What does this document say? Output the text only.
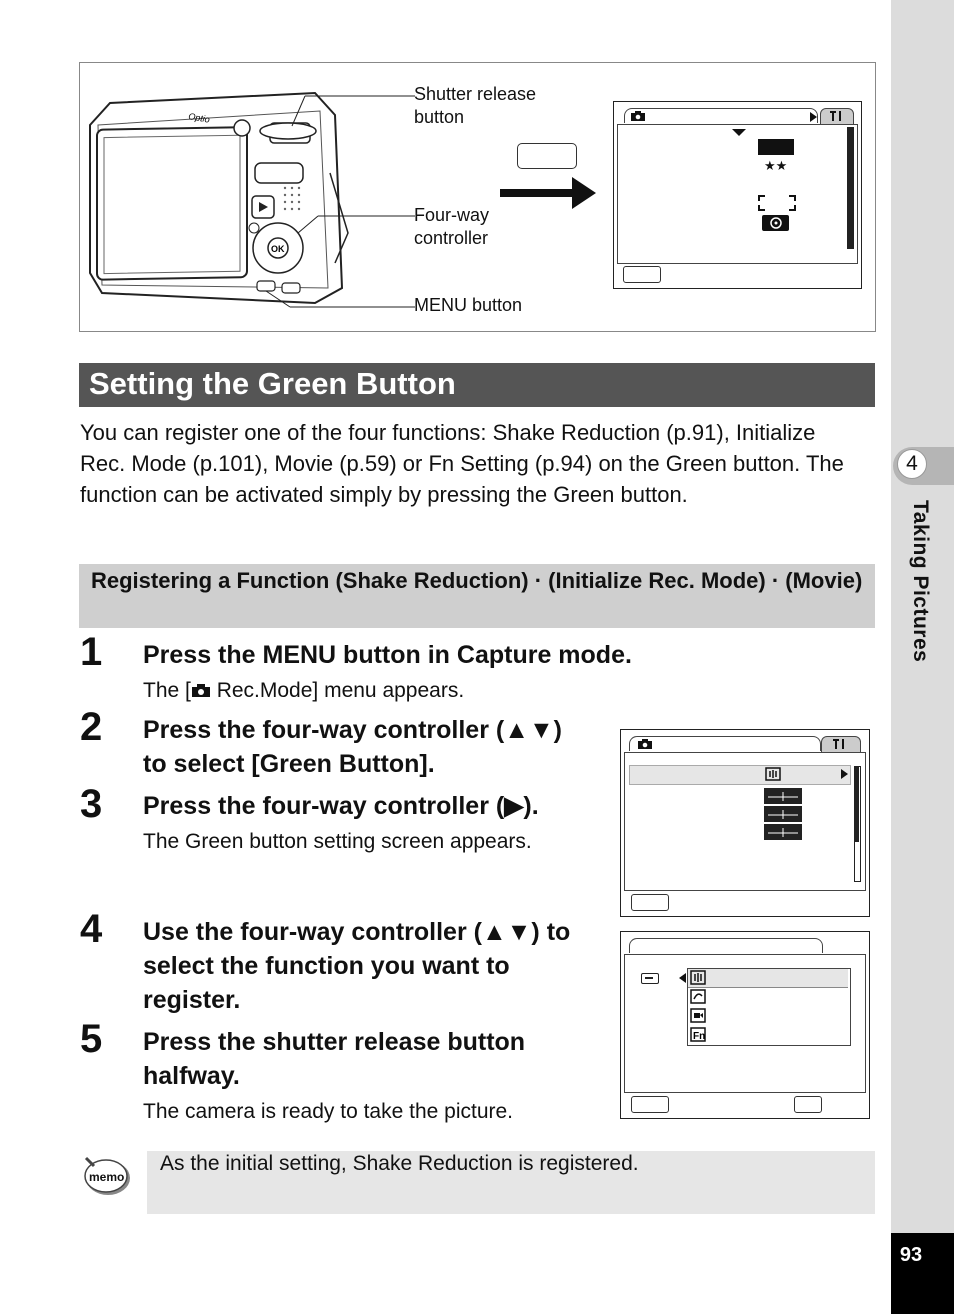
4
Taking Pictures
93
OK
Optio
Shutter release
button
Four-way
controller
MENU button
★★
Setting the Green Button
You can register one of the four functions: Shake Reduction (p.91), Initialize Rec. Mode (p.101), Movie (p.59) or Fn Setting (p.94) on the Green button. The function can be activated simply by pressing the Green button.
Registering a Function (Shake Reduction) · (Initialize Rec. Mode) · (Movie)
1 Press the MENU button in Capture mode.
The [ Rec.Mode] menu appears.
2 Press the four-way controller (▲▼) to select [Green Button].
3 Press the four-way controller (▶).
The Green button setting screen appears.
4 Use the four-way controller (▲▼) to select the function you want to register.
5 Press the shutter release button halfway.
The camera is ready to take the picture.
Fn
memo
As the initial setting, Shake Reduction is registered.
